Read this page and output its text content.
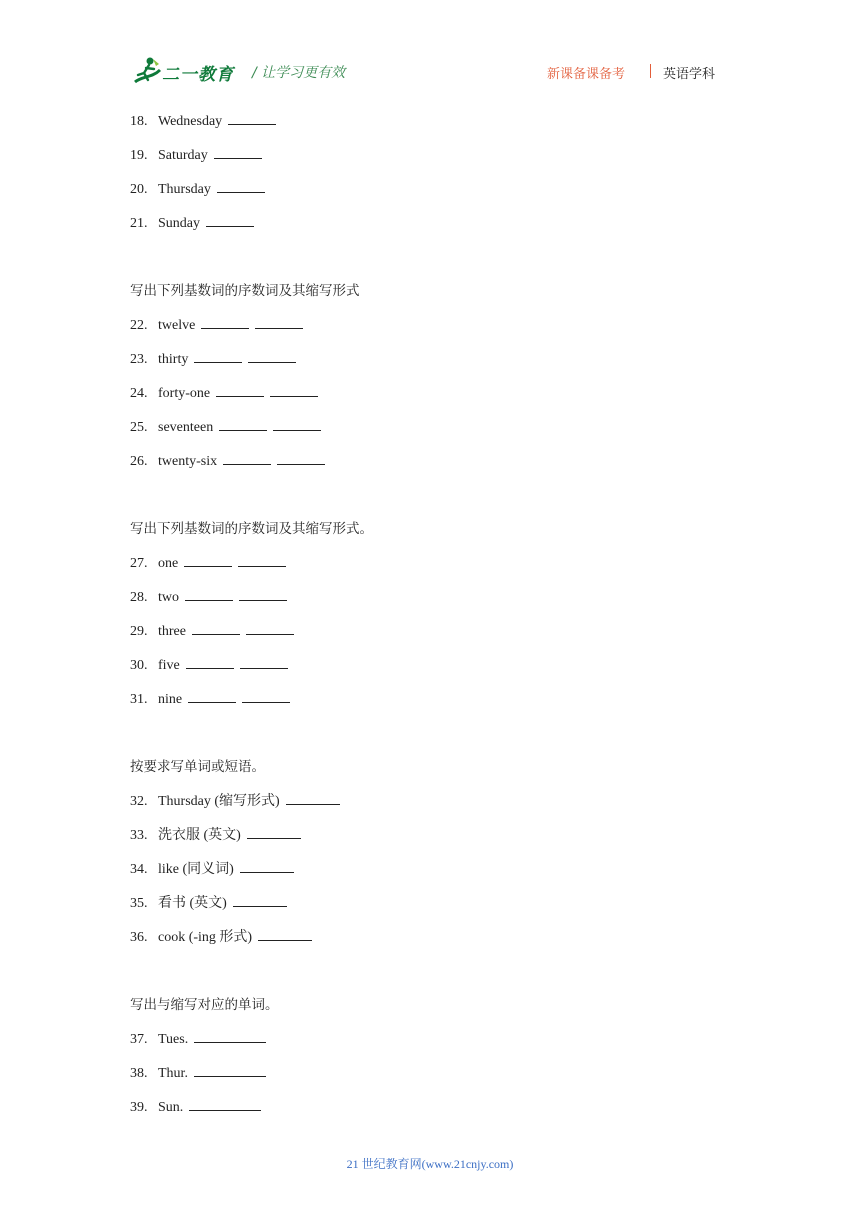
二一教育 / 让学习更有效	新课备课备考	英语学科
18. Wednesday
19. Saturday
20. Thursday
21. Sunday
写出下列基数词的序数词及其缩写形式
22. twelve
23. thirty
24. forty-one
25. seventeen
26. twenty-six
写出下列基数词的序数词及其缩写形式。
27. one
28. two
29. three
30. five
31. nine
按要求写单词或短语。
32. Thursday (缩写形式)
33. 洗衣服 (英文)
34. like (同义词)
35. 看书 (英文)
36. cook (-ing 形式)
写出与缩写对应的单词。
37. Tues.
38. Thur.
39. Sun.
21 世纪教育网(www.21cnjy.com)
